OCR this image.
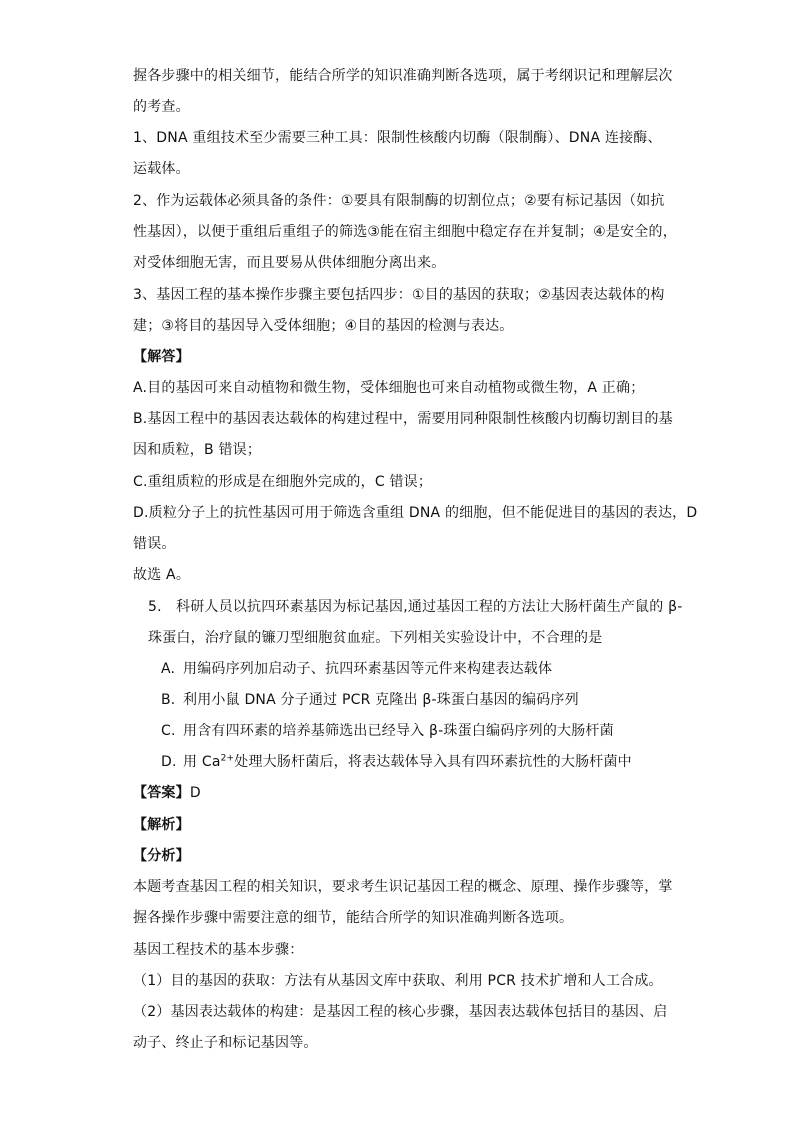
握各步骤中的相关细节，能结合所学的知识准确判断各选项，属于考纲识记和理解层次
的考查。
1、DNA 重组技术至少需要三种工具：限制性核酸内切酶（限制酶）、DNA 连接酶、
运载体。
2、作为运载体必须具备的条件：①要具有限制酶的切割位点；②要有标记基因（如抗
性基因），以便于重组后重组子的筛选③能在宿主细胞中稳定存在并复制；④是安全的，
对受体细胞无害，而且要易从供体细胞分离出来。
3、基因工程的基本操作步骤主要包括四步：①目的基因的获取；②基因表达载体的构
建；③将目的基因导入受体细胞；④目的基因的检测与表达。
【解答】
A.目的基因可来自动植物和微生物，受体细胞也可来自动植物或微生物，A 正确；
B.基因工程中的基因表达载体的构建过程中，需要用同种限制性核酸内切酶切割目的基
因和质粒，B 错误；
C.重组质粒的形成是在细胞外完成的，C 错误；
D.质粒分子上的抗性基因可用于筛选含重组 DNA 的细胞，但不能促进目的基因的表达，D
错误。
故选 A。
5. 科研人员以抗四环素基因为标记基因,通过基因工程的方法让大肠杆菌生产鼠的 β-
珠蛋白，治疗鼠的镰刀型细胞贫血症。下列相关实验设计中，不合理的是
A. 用编码序列加启动子、抗四环素基因等元件来构建表达载体
B. 利用小鼠 DNA 分子通过 PCR 克隆出 β-珠蛋白基因的编码序列
C. 用含有四环素的培养基筛选出已经导入 β-珠蛋白编码序列的大肠杆菌
D. 用 $Ca^{2+}$处理大肠杆菌后，将表达载体导入具有四环素抗性的大肠杆菌中
【答案】D
【解析】
【分析】
本题考查基因工程的相关知识，要求考生识记基因工程的概念、原理、操作步骤等，掌
握各操作步骤中需要注意的细节，能结合所学的知识准确判断各选项。
基因工程技术的基本步骤：
（1）目的基因的获取：方法有从基因文库中获取、利用 PCR 技术扩增和人工合成。
（2）基因表达载体的构建：是基因工程的核心步骤，基因表达载体包括目的基因、启
动子、终止子和标记基因等。
